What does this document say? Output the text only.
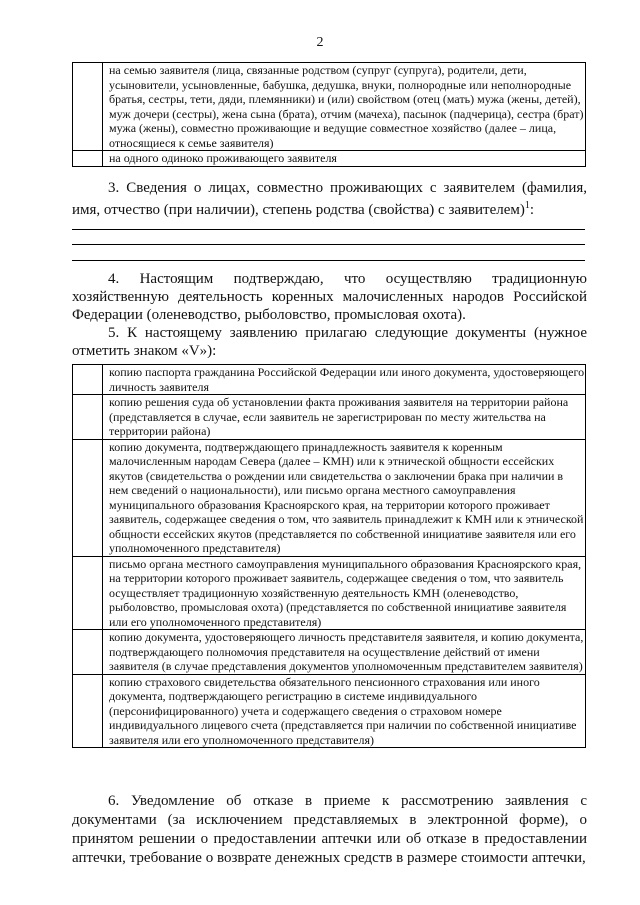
2
	на семью заявителя (лица, связанные родством (супруг (супруга), родители, дети, усыновители, усыновленные, бабушка, дедушка, внуки, полнородные или неполнородные братья, сестры, тети, дяди, племянники) и (или) свойством (отец (мать) мужа (жены, детей), муж дочери (сестры), жена сына (брата), отчим (мачеха), пасынок (падчерица), сестра (брат) мужа (жены), совместно проживающие и ведущие совместное хозяйство (далее – лица, относящиеся к семье заявителя)
	на одного одиноко проживающего заявителя
3. Сведения о лицах, совместно проживающих с заявителем (фамилия, имя, отчество (при наличии), степень родства (свойства) с заявителем)$^1$:
4. Настоящим подтверждаю, что осуществляю традиционную хозяйственную деятельность коренных малочисленных народов Российской Федерации (оленеводство, рыболовство, промысловая охота).
5. К настоящему заявлению прилагаю следующие документы (нужное отметить знаком «V»):
	копию паспорта гражданина Российской Федерации или иного документа, удостоверяющего личность заявителя
	копию решения суда об установлении факта проживания заявителя на территории района (представляется в случае, если заявитель не зарегистрирован по месту жительства на территории района)
	копию документа, подтверждающего принадлежность заявителя к коренным малочисленным народам Севера (далее – КМН) или к этнической общности ессейских якутов (свидетельства о рождении или свидетельства о заключении брака при наличии в нем сведений о национальности), или письмо органа местного самоуправления муниципального образования Красноярского края, на территории которого проживает заявитель, содержащее сведения о том, что заявитель принадлежит к КМН или к этнической общности ессейских якутов (представляется по собственной инициативе заявителя или его уполномоченного представителя)
	письмо органа местного самоуправления муниципального образования Красноярского края, на территории которого проживает заявитель, содержащее сведения о том, что заявитель осуществляет традиционную хозяйственную деятельность КМН (оленеводство, рыболовство, промысловая охота) (представляется по собственной инициативе заявителя или его уполномоченного представителя)
	копию документа, удостоверяющего личность представителя заявителя, и копию документа, подтверждающего полномочия представителя на осуществление действий от имени заявителя (в случае представления документов уполномоченным представителем заявителя)
	копию страхового свидетельства обязательного пенсионного страхования или иного документа, подтверждающего регистрацию в системе индивидуального (персонифицированного) учета и содержащего сведения о страховом номере индивидуального лицевого счета (представляется при наличии по собственной инициативе заявителя или его уполномоченного представителя)
6. Уведомление об отказе в приеме к рассмотрению заявления с документами (за исключением представляемых в электронной форме), о принятом решении о предоставлении аптечки или об отказе в предоставлении аптечки, требование о возврате денежных средств в размере стоимости аптечки,
